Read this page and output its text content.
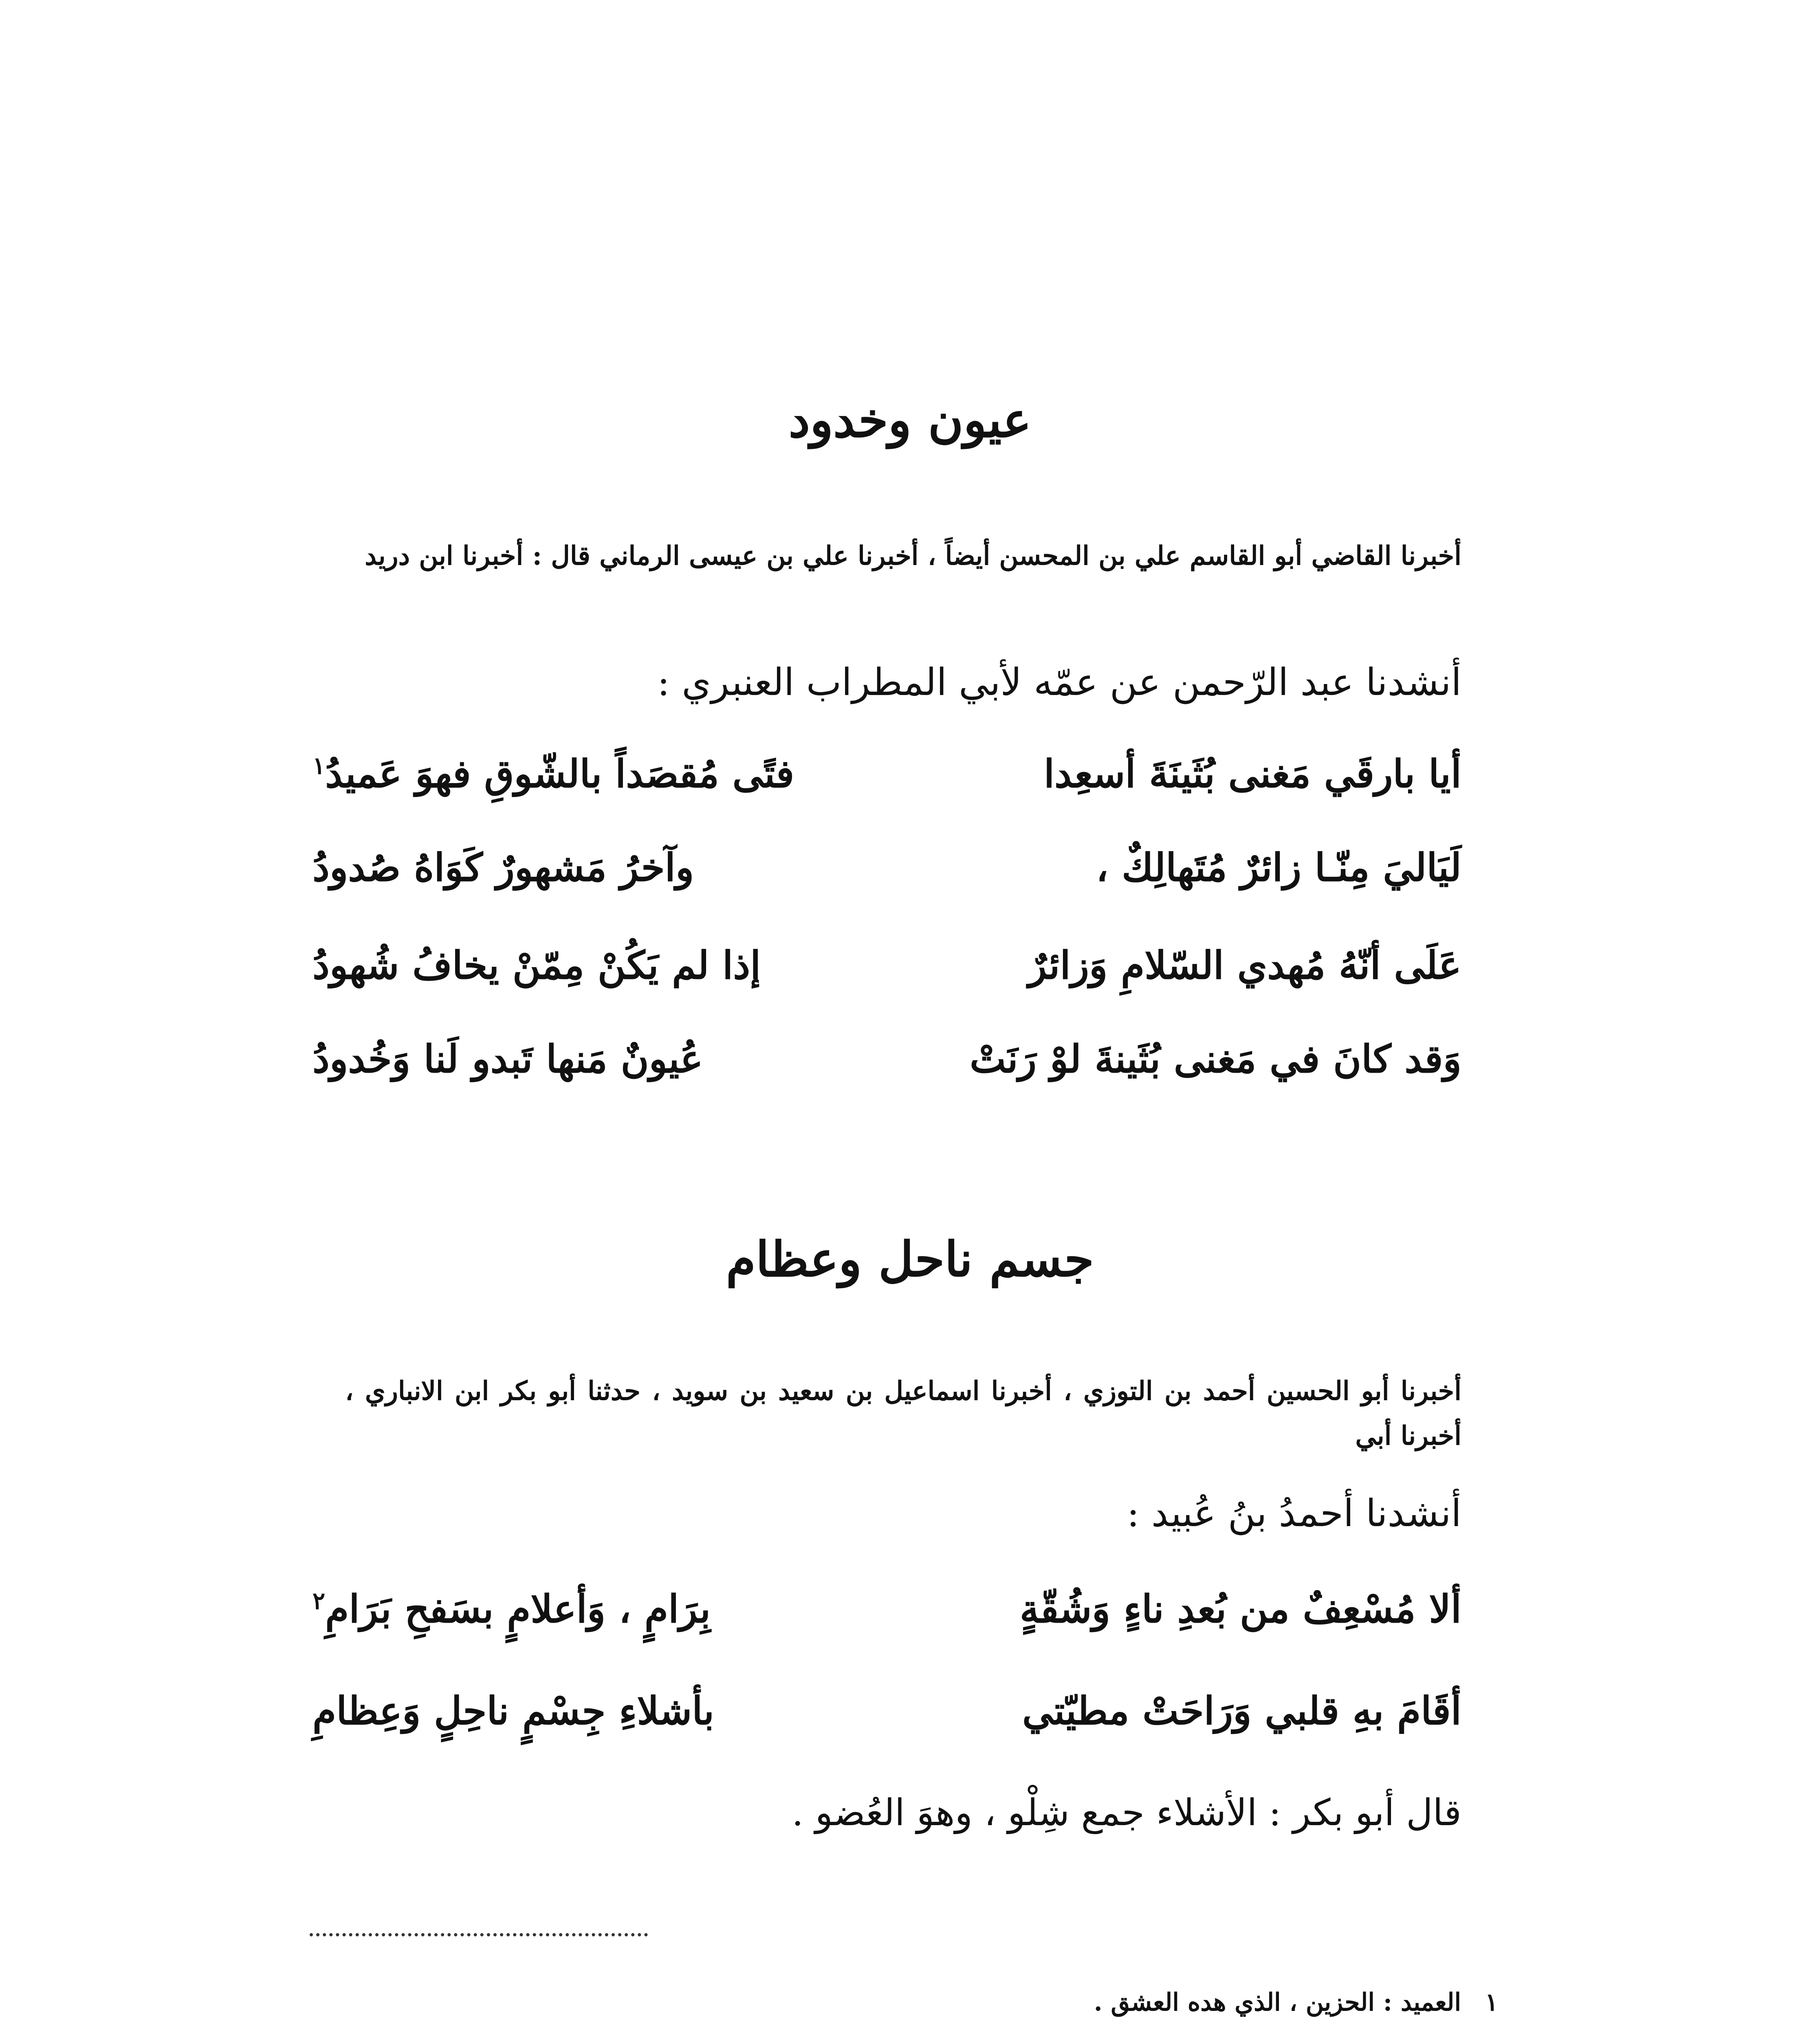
عيون وخدود
أخبرنا القاضي أبو القاسم علي بن المحسن أيضاً ، أخبرنا علي بن عيسى الرماني قال : أخبرنا ابن دريد
أنشدنا عبد الرّحمن عن عمّه لأبي المطراب العنبري :
أيا بارقَي مَغنى بُثَينَةَ أسعِدا
فتًى مُقصَداً بالشّوقِ فهوَ عَميدُ$^١$
لَيَاليَ مِنّـا زائرٌ مُتَهالِكٌ ،
وآخرُ مَشهورٌ كَوَاهُ صُدودُ
عَلَى أنّهُ مُهدي السّلامِ وَزائرٌ
إذا لم يَكُنْ مِمّنْ يخافُ شُهودُ
وَقد كانَ في مَغنى بُثَينةَ لوْ رَنَتْ
عُيونٌ مَنها تَبدو لَنا وَخُدودُ
جسم ناحل وعظام
أخبرنا أبو الحسين أحمد بن التوزي ، أخبرنا اسماعيل بن سعيد بن سويد ، حدثنا أبو بكر ابن الانباري ، أخبرنا أبي
أنشدنا أحمدُ بنُ عُبيد :
ألا مُسْعِفٌ من بُعدِ ناءٍ وَشُقّةٍ
بِرَامٍ ، وَأعلامٍ بسَفحِ بَرَامِ$^٢$
أقَامَ بهِ قلبي وَرَاحَتْ مطيّتي
بأشلاءِ جِسْمٍ ناحِلٍ وَعِظامِ
قال أبو بكر : الأشلاء جمع شِلْو ، وهوَ العُضو .
١ العميد : الحزين ، الذي هده العشق .
